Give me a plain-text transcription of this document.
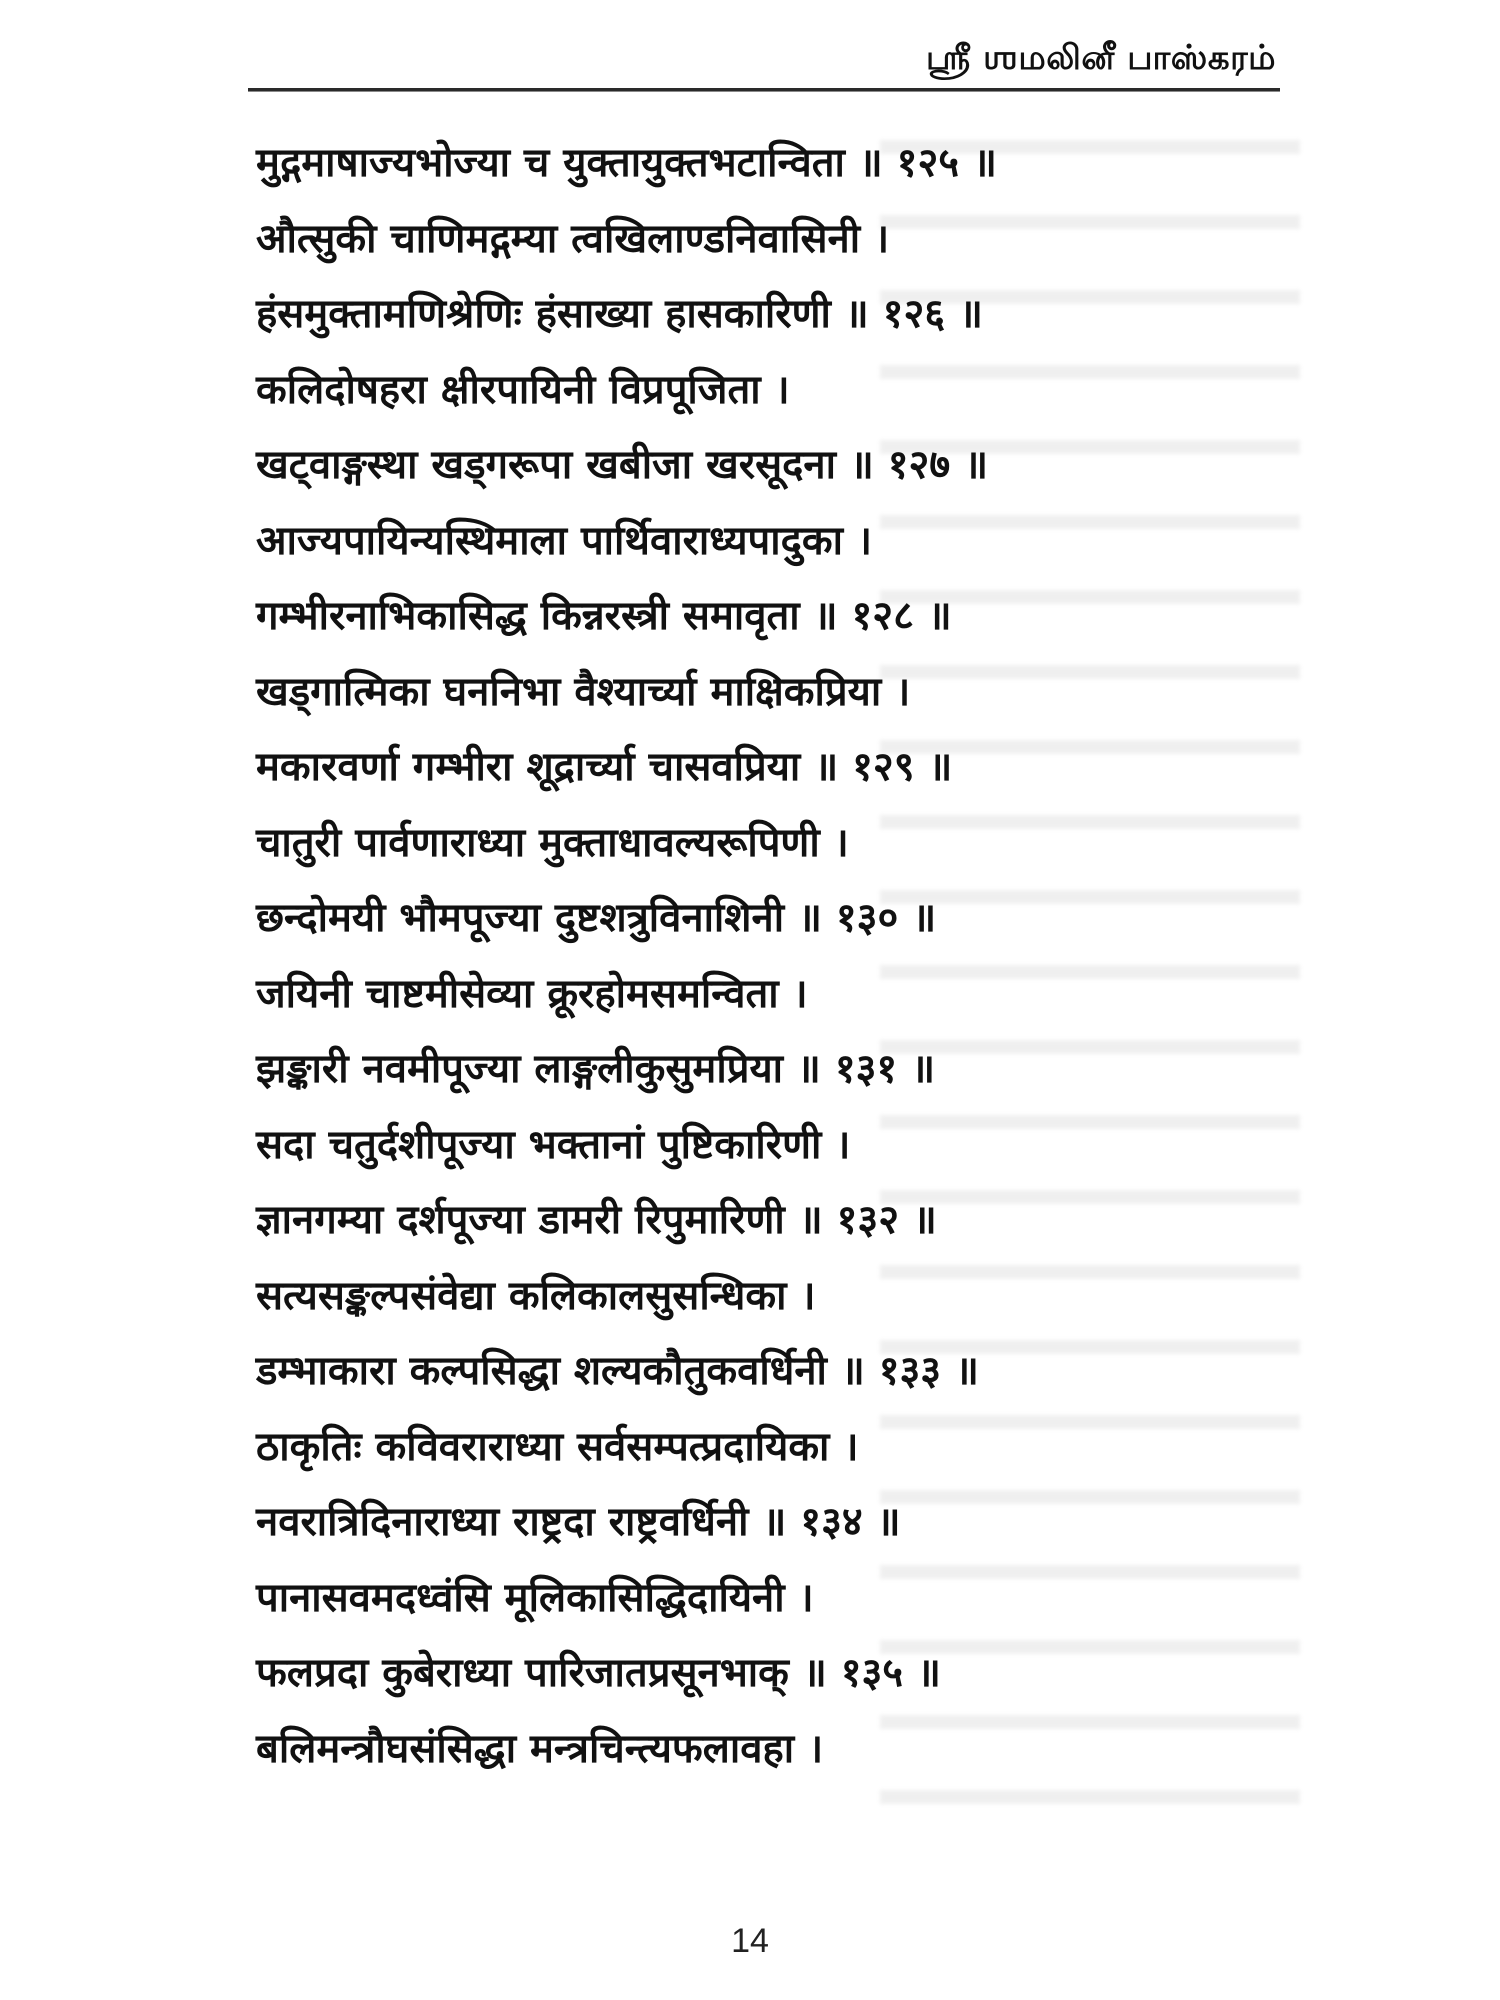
ஸ்ரீ ஶமலினீ பாஸ்கரம்
मुद्गमाषाज्यभोज्या च युक्तायुक्तभटान्विता ॥ १२५ ॥
औत्सुकी चाणिमद्गम्या त्वखिलाण्डनिवासिनी ।
हंसमुक्तामणिश्रेणिः हंसाख्या हासकारिणी ॥ १२६ ॥
कलिदोषहरा क्षीरपायिनी विप्रपूजिता ।
खट्वाङ्गस्था खड्गरूपा खबीजा खरसूदना ॥ १२७ ॥
आज्यपायिन्यस्थिमाला पार्थिवाराध्यपादुका ।
गम्भीरनाभिकासिद्ध किन्नरस्त्री समावृता ॥ १२८ ॥
खड्गात्मिका घननिभा वैश्यार्च्या माक्षिकप्रिया ।
मकारवर्णा गम्भीरा शूद्रार्च्या चासवप्रिया ॥ १२९ ॥
चातुरी पार्वणाराध्या मुक्ताधावल्यरूपिणी ।
छन्दोमयी भौमपूज्या दुष्टशत्रुविनाशिनी ॥ १३० ॥
जयिनी चाष्टमीसेव्या क्रूरहोमसमन्विता ।
झङ्कारी नवमीपूज्या लाङ्गलीकुसुमप्रिया ॥ १३१ ॥
सदा चतुर्दशीपूज्या भक्तानां पुष्टिकारिणी ।
ज्ञानगम्या दर्शपूज्या डामरी रिपुमारिणी ॥ १३२ ॥
सत्यसङ्कल्पसंवेद्या कलिकालसुसन्धिका ।
डम्भाकारा कल्पसिद्धा शल्यकौतुकवर्धिनी ॥ १३३ ॥
ठाकृतिः कविवराराध्या सर्वसम्पत्प्रदायिका ।
नवरात्रिदिनाराध्या राष्ट्रदा राष्ट्रवर्धिनी ॥ १३४ ॥
पानासवमदध्वंसि मूलिकासिद्धिदायिनी ।
फलप्रदा कुबेराध्या पारिजातप्रसूनभाक् ॥ १३५ ॥
बलिमन्त्रौघसंसिद्धा मन्त्रचिन्त्यफलावहा ।
14
